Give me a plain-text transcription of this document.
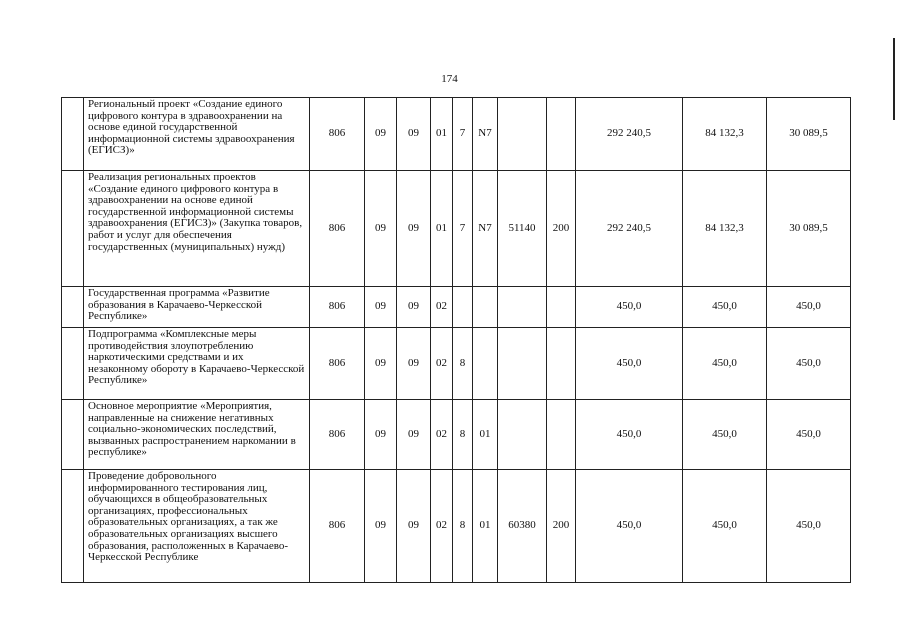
174
	Региональный проект «Создание единого цифрового контура в здравоохранении на основе единой государственной информационной системы здравоохранения (ЕГИСЗ)»	806	09	09	01	7	N7			292 240,5	84 132,3	30 089,5
	Реализация региональных проектов «Создание единого цифрового контура в здравоохранении на основе единой государственной информационной системы здравоохранения (ЕГИСЗ)» (Закупка товаров, работ и услуг для обеспечения государственных (муниципальных) нужд)	806	09	09	01	7	N7	51140	200	292 240,5	84 132,3	30 089,5
	Государственная программа «Развитие образования в Карачаево-Черкесской Республике»	806	09	09	02					450,0	450,0	450,0
	Подпрограмма «Комплексные меры противодействия злоупотреблению наркотическими средствами и их незаконному обороту в Карачаево-Черкесской Республике»	806	09	09	02	8				450,0	450,0	450,0
	Основное мероприятие «Мероприятия, направленные на снижение негативных социально-экономических последствий, вызванных распространением наркомании в республике»	806	09	09	02	8	01			450,0	450,0	450,0
	Проведение добровольного информированного тестирования лиц, обучающихся в общеобразовательных организациях, профессиональных образовательных организациях, а так же образовательных организациях высшего образования, расположенных в Карачаево-Черкесской Республике	806	09	09	02	8	01	60380	200	450,0	450,0	450,0
